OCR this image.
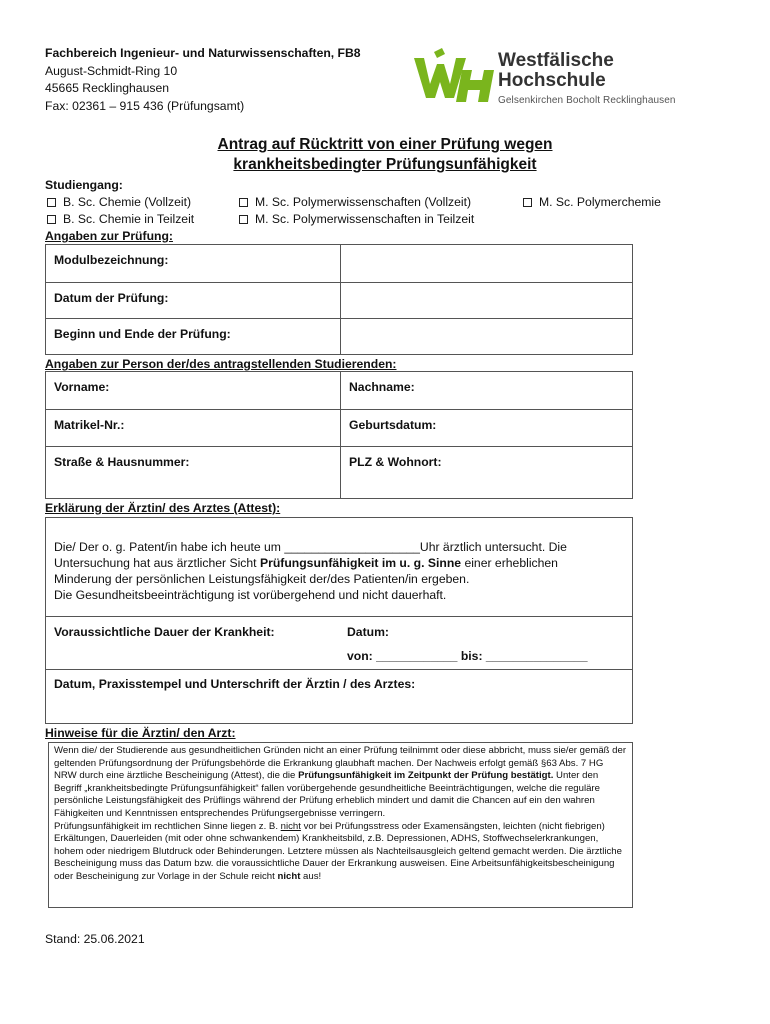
Fachbereich Ingenieur- und Naturwissenschaften, FB8
August-Schmidt-Ring 10
45665 Recklinghausen
Fax: 02361 – 915 436 (Prüfungsamt)
Westfälische
Hochschule
Gelsenkirchen Bocholt Recklinghausen
Antrag auf Rücktritt von einer Prüfung wegen
krankheitsbedingter Prüfungsunfähigkeit
Studiengang:
B. Sc. Chemie (Vollzeit)
B. Sc. Chemie in Teilzeit
M. Sc. Polymerwissenschaften (Vollzeit)
M. Sc. Polymerwissenschaften in Teilzeit
M. Sc. Polymerchemie
Angaben zur Prüfung:
Modulbezeichnung:	
Datum der Prüfung:	
Beginn und Ende der Prüfung:	
Angaben zur Person der/des antragstellenden Studierenden:
Vorname:	Nachname:
Matrikel-Nr.:	Geburtsdatum:
Straße & Hausnummer:	PLZ & Wohnort:
Erklärung der Ärztin/ des Arztes (Attest):
Die/ Der o. g. Patent/in habe ich heute um ____________________Uhr ärztlich untersucht. Die
Untersuchung hat aus ärztlicher Sicht Prüfungsunfähigkeit im u. g. Sinne einer erheblichen
Minderung der persönlichen Leistungsfähigkeit der/des Patienten/in ergeben.
Die Gesundheitsbeeinträchtigung ist vorübergehend und nicht dauerhaft.
Voraussichtliche Dauer der Krankheit:	Datum:
von: ____________ bis: _______________
Datum, Praxisstempel und Unterschrift der Ärztin / des Arztes:
Hinweise für die Ärztin/ den Arzt:
Wenn die/ der Studierende aus gesundheitlichen Gründen nicht an einer Prüfung teilnimmt oder diese abbricht, muss sie/er gemäß der geltenden Prüfungsordnung der Prüfungsbehörde die Erkrankung glaubhaft machen. Der Nachweis erfolgt gemäß §63 Abs. 7 HG NRW durch eine ärztliche Bescheinigung (Attest), die die Prüfungsunfähigkeit im Zeitpunkt der Prüfung bestätigt. Unter den Begriff „krankheitsbedingte Prüfungsunfähigkeit“ fallen vorübergehende gesundheitliche Beeinträchtigungen, welche die reguläre persönliche Leistungsfähigkeit des Prüflings während der Prüfung erheblich mindert und damit die Chancen auf ein den wahren Fähigkeiten und Kenntnissen entsprechendes Prüfungsergebnisse verringern.
Prüfungsunfähigkeit im rechtlichen Sinne liegen z. B. nicht vor bei Prüfungsstress oder Examensängsten, leichten (nicht fiebrigen) Erkältungen, Dauerleiden (mit oder ohne schwankendem) Krankheitsbild, z.B. Depressionen, ADHS, Stoffwechselerkrankungen, hohem oder niedrigem Blutdruck oder Behinderungen. Letztere müssen als Nachteilsausgleich geltend gemacht werden. Die ärztliche Bescheinigung muss das Datum bzw. die voraussichtliche Dauer der Erkrankung ausweisen. Eine Arbeitsunfähigkeitsbescheinigung oder Bescheinigung zur Vorlage in der Schule reicht nicht aus!
Stand: 25.06.2021
